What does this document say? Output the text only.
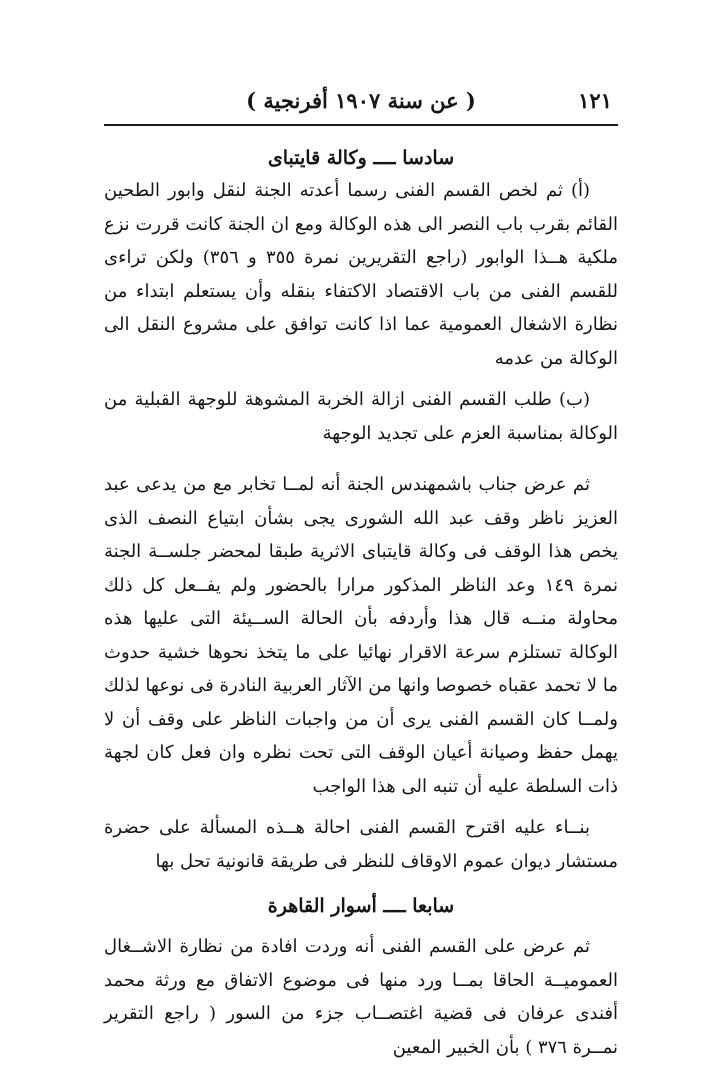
( عن سنة ١٩٠٧ أفرنجية )	١٢١
سادسا ــــ وكالة قايتباى

(أ) ثم لخص القسم الفنى رسما أعدته الجنة لنقل وابور الطحين القائم بقرب باب النصر الى هذه الوكالة ومع ان الجنة كانت قررت نزع ملكية هــذا الوابور (راجع التقريرين نمرة ٣٥٥ و ٣٥٦) ولكن تراءى للقسم الفنى من باب الاقتصاد الاكتفاء بنقله وأن يستعلم ابتداء من نظارة الاشغال العمومية عما اذا كانت توافق على مشروع النقل الى الوكالة من عدمه

(ب) طلب القسم الفنى ازالة الخربة المشوهة للوجهة القبلية من الوكالة بمناسبة العزم على تجديد الوجهة

ثم عرض جناب باشمهندس الجنة أنه لمــا تخابر مع من يدعى عبد العزيز ناظر وقف عبد الله الشورى يجى بشأن ابتياع النصف الذى يخص هذا الوقف فى وكالة قايتباى الاثرية طبقا لمحضر جلســة الجنة نمرة ١٤٩ وعد الناظر المذكور مرارا بالحضور ولم يفــعل كل ذلك محاولة منــه قال هذا وأردفه بأن الحالة الســيئة التى عليها هذه الوكالة تستلزم سرعة الاقرار نهائيا على ما يتخذ نحوها خشية حدوث ما لا تحمد عقباه خصوصا وانها من الآثار العربية النادرة فى نوعها لذلك ولمــا كان القسم الفنى يرى أن من واجبات الناظر على وقف أن لا يهمل حفظ وصيانة أعيان الوقف التى تحت نظره وان فعل كان لجهة ذات السلطة عليه أن تنبه الى هذا الواجب

بنــاء عليه اقترح القسم الفنى احالة هــذه المسألة على حضرة مستشار ديوان عموم الاوقاف للنظر فى طريقة قانونية تحل بها

سابعا ــــ أسوار القاهرة

ثم عرض على القسم الفنى أنه وردت افادة من نظارة الاشــغال العموميــة الحاقا بمــا ورد منها فى موضوع الاتفاق مع ورثة محمد أفندى عرفان فى قضية اغتصــاب جزء من السور ( راجع التقرير نمــرة ٣٧٦ ) بأن الخبير المعين
